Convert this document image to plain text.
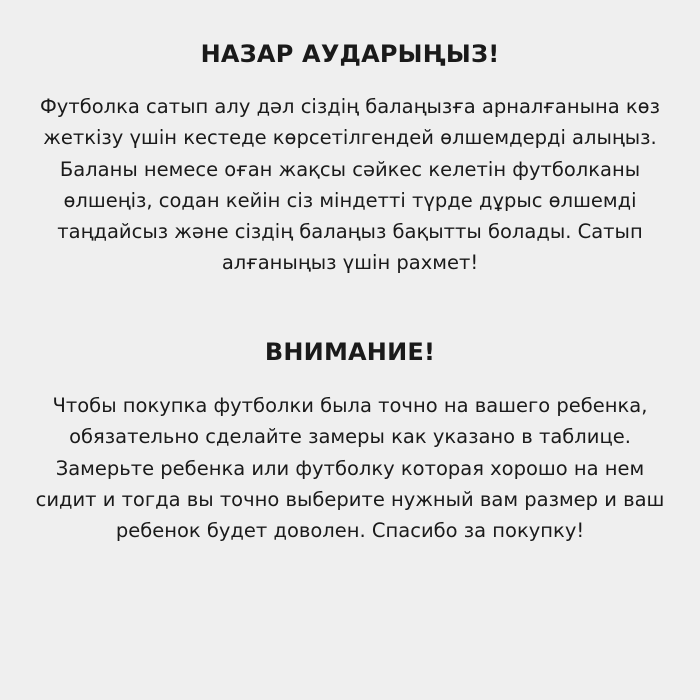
НАЗАР АУДАРЫҢЫЗ!
Футболка сатып алу дәл сіздің балаңызға арналғанына көз
жеткізу үшін кестеде көрсетілгендей өлшемдерді алыңыз.
Баланы немесе оған жақсы сәйкес келетін футболканы
өлшеңіз, содан кейін сіз міндетті түрде дұрыс өлшемді
таңдайсыз және сіздің балаңыз бақытты болады. Сатып
алғаныңыз үшін рахмет!
ВНИМАНИЕ!
Чтобы покупка футболки была точно на вашего ребенка,
обязательно сделайте замеры как указано в таблице.
Замерьте ребенка или футболку которая хорошо на нем
сидит и тогда вы точно выберите нужный вам размер и ваш
ребенок будет доволен. Спасибо за покупку!
